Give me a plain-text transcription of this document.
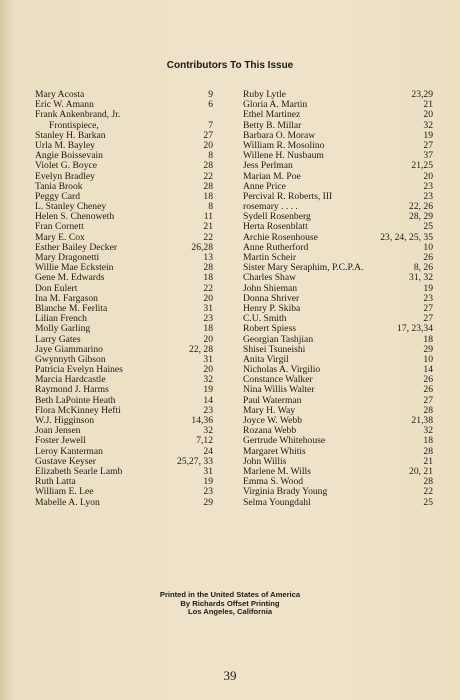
Contributors To This Issue
Mary Acosta	9
Eric W. Amann	6
Frank Ankenbrand, Jr.
Frontispiece,	7
Stanley H. Barkan	27
Urla M. Bayley	20
Angie Boissevain	8
Violet G. Boyce	28
Evelyn Bradley	22
Tania Brook	28
Peggy Card	18
L. Stanley Cheney	8
Helen S. Chenoweth	11
Fran Cornett	21
Mary E. Cox	22
Esther Bailey Decker	26,28
Mary Dragonetti	13
Willie Mae Eckstein	28
Gene M. Edwards	18
Don Eulert	22
Ina M. Fargason	20
Blanche M. Ferlita	31
Lilian French	23
Molly Garling	18
Larry Gates	20
Jaye Giammarino	22, 28
Gwynnyth Gibson	31
Patricia Evelyn Haines	20
Marcia Hardcastle	32
Raymond J. Harms	19
Beth LaPointe Heath	14
Flora McKinney Hefti	23
W.J. Higginson	14,36
Joan Jensen	32
Foster Jewell	7,12
Leroy Kanterman	24
Gustave Keyser	25,27, 33
Elizabeth Searle Lamb	31
Ruth Latta	19
William E. Lee	23
Mabelle A. Lyon	29
Ruby Lytle	23,29
Gloria A. Martin	21
Ethel Martinez	20
Betty B. Millar	32
Barbara O. Moraw	19
William R. Mosolino	27
Willene H. Nusbaum	37
Jess Perlman	21,25
Marian M. Poe	20
Anne Price	23
Percival R. Roberts, III	23
rosemary . . . .	22, 26
Sydell Rosenberg	28, 29
Herta Rosenblatt	25
Archie Rosenhouse	23, 24, 25, 35
Anne Rutherford	10
Martin Scheir	26
Sister Mary Seraphim, P.C.P.A.	8, 26
Charles Shaw	31, 32
John Shieman	19
Donna Shriver	23
Henry P. Skiba	27
C.U. Smith	27
Robert Spiess	17, 23,34
Georgian Tashjian	18
Shisei Tsuneishi	29
Anita Virgil	10
Nicholas A. Virgilio	14
Constance Walker	26
Nina Willis Walter	26
Paul Waterman	27
Mary H. Way	28
Joyce W. Webb	21,38
Rozana Webb	32
Gertrude Whitehouse	18
Margaret Whitis	28
John Willis	21
Marlene M. Wills	20, 21
Emma S. Wood	28
Virginia Brady Young	22
Selma Youngdahl	25
Printed in the United States of America
By Richards Offset Printing
Los Angeles, California
39
